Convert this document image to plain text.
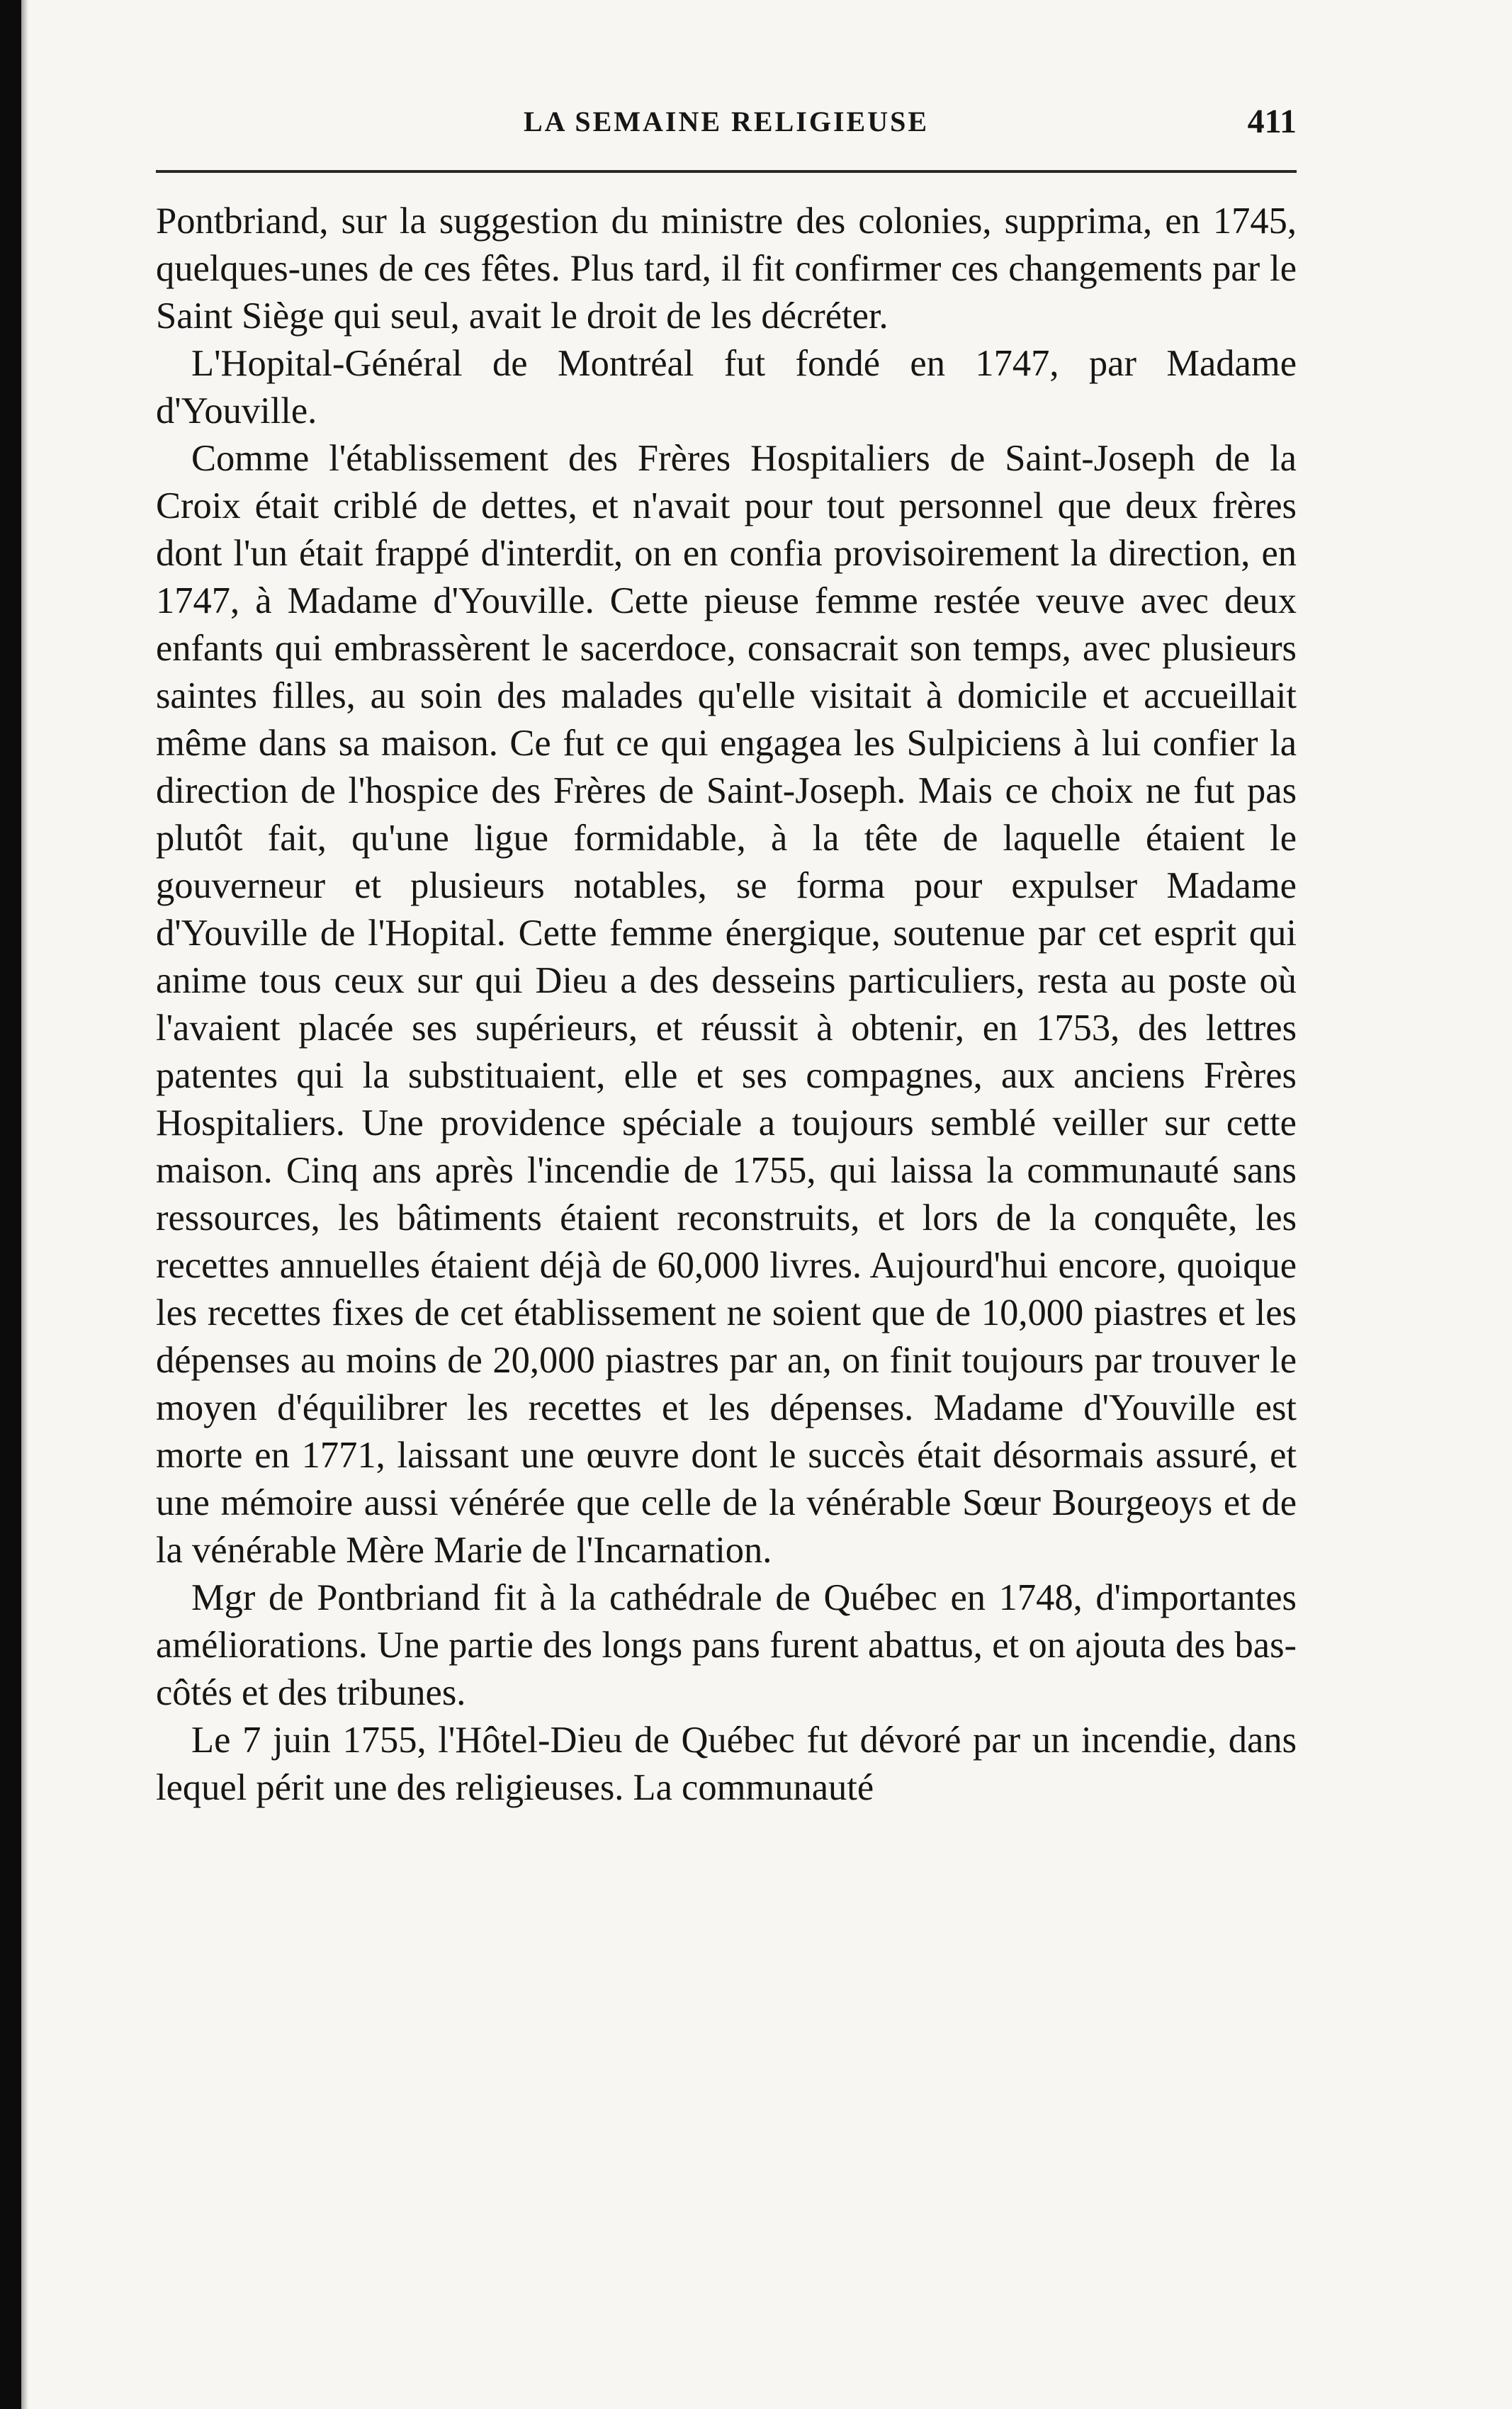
LA SEMAINE RELIGIEUSE	411

Pontbriand, sur la suggestion du ministre des colonies, supprima, en 1745, quelques-unes de ces fêtes. Plus tard, il fit confirmer ces changements par le Saint Siège qui seul, avait le droit de les décréter.

L'Hopital-Général de Montréal fut fondé en 1747, par Madame d'Youville.

Comme l'établissement des Frères Hospitaliers de Saint-Joseph de la Croix était criblé de dettes, et n'avait pour tout personnel que deux frères dont l'un était frappé d'interdit, on en confia provisoirement la direction, en 1747, à Madame d'Youville. Cette pieuse femme restée veuve avec deux enfants qui embrassèrent le sacerdoce, consacrait son temps, avec plusieurs saintes filles, au soin des malades qu'elle visitait à domicile et accueillait même dans sa maison. Ce fut ce qui engagea les Sulpiciens à lui confier la direction de l'hospice des Frères de Saint-Joseph. Mais ce choix ne fut pas plutôt fait, qu'une ligue formidable, à la tête de laquelle étaient le gouverneur et plusieurs notables, se forma pour expulser Madame d'Youville de l'Hopital. Cette femme énergique, soutenue par cet esprit qui anime tous ceux sur qui Dieu a des desseins particuliers, resta au poste où l'avaient placée ses supérieurs, et réussit à obtenir, en 1753, des lettres patentes qui la substituaient, elle et ses compagnes, aux anciens Frères Hospitaliers. Une providence spéciale a toujours semblé veiller sur cette maison. Cinq ans après l'incendie de 1755, qui laissa la communauté sans ressources, les bâtiments étaient reconstruits, et lors de la conquête, les recettes annuelles étaient déjà de 60,000 livres. Aujourd'hui encore, quoique les recettes fixes de cet établissement ne soient que de 10,000 piastres et les dépenses au moins de 20,000 piastres par an, on finit toujours par trouver le moyen d'équilibrer les recettes et les dépenses. Madame d'Youville est morte en 1771, laissant une œuvre dont le succès était désormais assuré, et une mémoire aussi vénérée que celle de la vénérable Sœur Bourgeoys et de la vénérable Mère Marie de l'Incarnation.

Mgr de Pontbriand fit à la cathédrale de Québec en 1748, d'importantes améliorations. Une partie des longs pans furent abattus, et on ajouta des bas-côtés et des tribunes.

Le 7 juin 1755, l'Hôtel-Dieu de Québec fut dévoré par un incendie, dans lequel périt une des religieuses. La communauté
